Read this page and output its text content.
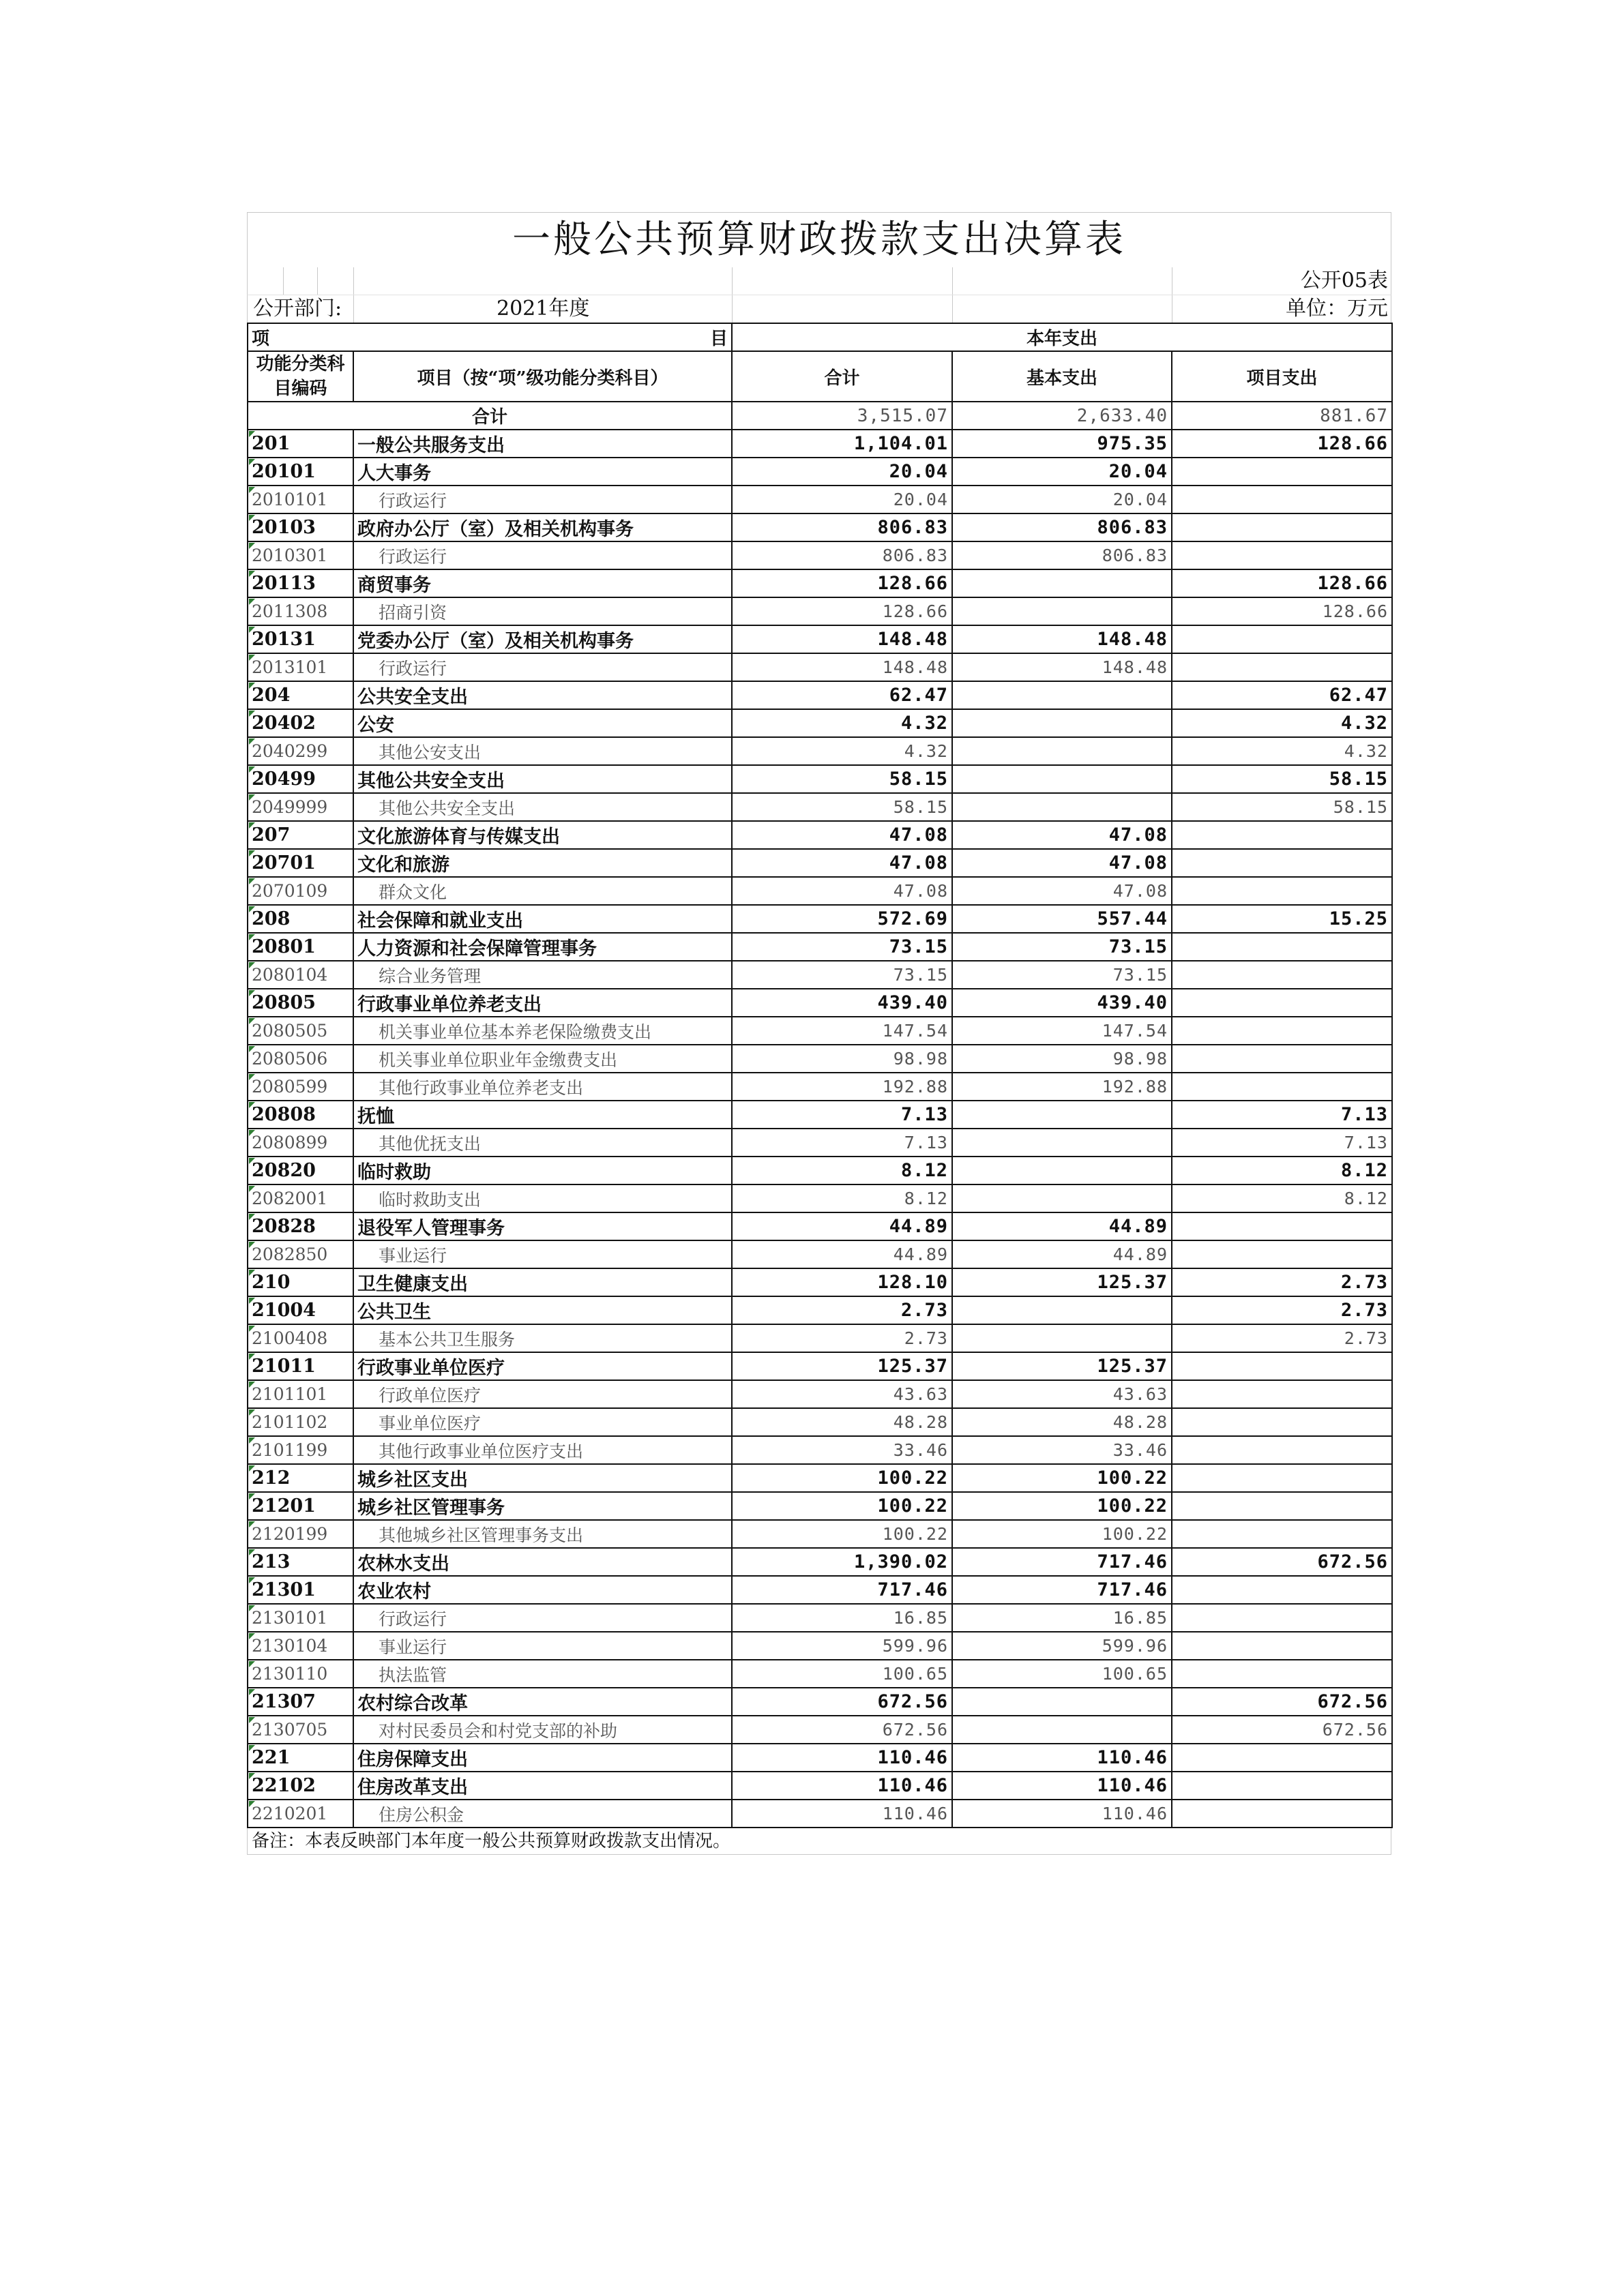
一般公共预算财政拨款支出决算表
公开05表
公开部门:	2021年度	单位：万元
项 目		本年支出		
功能分类科目编码	项目（按“项”级功能分类科目）	合计	基本支出	项目支出
合计		3,515.07	2,633.40	881.67
201	一般公共服务支出	1,104.01	975.35	128.66
20101	人大事务	20.04	20.04	
2010101	行政运行	20.04	20.04	
20103	政府办公厅（室）及相关机构事务	806.83	806.83	
2010301	行政运行	806.83	806.83	
20113	商贸事务	128.66		128.66
2011308	招商引资	128.66		128.66
20131	党委办公厅（室）及相关机构事务	148.48	148.48	
2013101	行政运行	148.48	148.48	
204	公共安全支出	62.47		62.47
20402	公安	4.32		4.32
2040299	其他公安支出	4.32		4.32
20499	其他公共安全支出	58.15		58.15
2049999	其他公共安全支出	58.15		58.15
207	文化旅游体育与传媒支出	47.08	47.08	
20701	文化和旅游	47.08	47.08	
2070109	群众文化	47.08	47.08	
208	社会保障和就业支出	572.69	557.44	15.25
20801	人力资源和社会保障管理事务	73.15	73.15	
2080104	综合业务管理	73.15	73.15	
20805	行政事业单位养老支出	439.40	439.40	
2080505	机关事业单位基本养老保险缴费支出	147.54	147.54	
2080506	机关事业单位职业年金缴费支出	98.98	98.98	
2080599	其他行政事业单位养老支出	192.88	192.88	
20808	抚恤	7.13		7.13
2080899	其他优抚支出	7.13		7.13
20820	临时救助	8.12		8.12
2082001	临时救助支出	8.12		8.12
20828	退役军人管理事务	44.89	44.89	
2082850	事业运行	44.89	44.89	
210	卫生健康支出	128.10	125.37	2.73
21004	公共卫生	2.73		2.73
2100408	基本公共卫生服务	2.73		2.73
21011	行政事业单位医疗	125.37	125.37	
2101101	行政单位医疗	43.63	43.63	
2101102	事业单位医疗	48.28	48.28	
2101199	其他行政事业单位医疗支出	33.46	33.46	
212	城乡社区支出	100.22	100.22	
21201	城乡社区管理事务	100.22	100.22	
2120199	其他城乡社区管理事务支出	100.22	100.22	
213	农林水支出	1,390.02	717.46	672.56
21301	农业农村	717.46	717.46	
2130101	行政运行	16.85	16.85	
2130104	事业运行	599.96	599.96	
2130110	执法监管	100.65	100.65	
21307	农村综合改革	672.56		672.56
2130705	对村民委员会和村党支部的补助	672.56		672.56
221	住房保障支出	110.46	110.46	
22102	住房改革支出	110.46	110.46	
2210201	住房公积金	110.46	110.46	
备注：本表反映部门本年度一般公共预算财政拨款支出情况。
